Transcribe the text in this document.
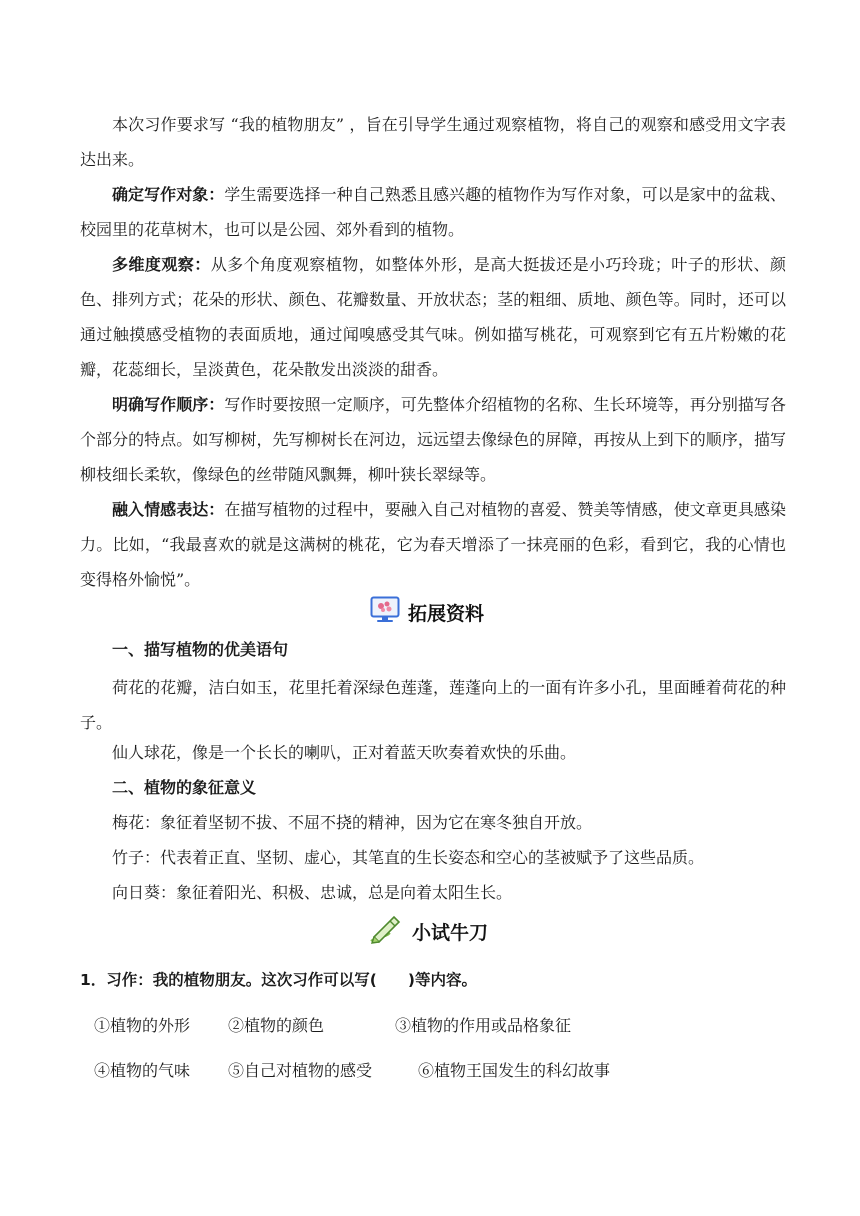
本次习作要求写 “我的植物朋友” ，旨在引导学生通过观察植物，将自己的观察和感受用文字表达出来。

确定写作对象：学生需要选择一种自己熟悉且感兴趣的植物作为写作对象，可以是家中的盆栽、校园里的花草树木，也可以是公园、郊外看到的植物。

多维度观察：从多个角度观察植物，如整体外形，是高大挺拔还是小巧玲珑；叶子的形状、颜色、排列方式；花朵的形状、颜色、花瓣数量、开放状态；茎的粗细、质地、颜色等。同时，还可以通过触摸感受植物的表面质地，通过闻嗅感受其气味。例如描写桃花，可观察到它有五片粉嫩的花瓣，花蕊细长，呈淡黄色，花朵散发出淡淡的甜香。

明确写作顺序：写作时要按照一定顺序，可先整体介绍植物的名称、生长环境等，再分别描写各个部分的特点。如写柳树，先写柳树长在河边，远远望去像绿色的屏障，再按从上到下的顺序，描写柳枝细长柔软，像绿色的丝带随风飘舞，柳叶狭长翠绿等。

融入情感表达：在描写植物的过程中，要融入自己对植物的喜爱、赞美等情感，使文章更具感染力。比如，“我最喜欢的就是这满树的桃花，它为春天增添了一抹亮丽的色彩，看到它，我的心情也变得格外愉悦”。

拓展资料
一、描写植物的优美语句

荷花的花瓣，洁白如玉，花里托着深绿色莲蓬，莲蓬向上的一面有许多小孔，里面睡着荷花的种子。

仙人球花，像是一个长长的喇叭，正对着蓝天吹奏着欢快的乐曲。
二、植物的象征意义
梅花：象征着坚韧不拔、不屈不挠的精神，因为它在寒冬独自开放。
竹子：代表着正直、坚韧、虚心，其笔直的生长姿态和空心的茎被赋予了这些品质。
向日葵：象征着阳光、积极、忠诚，总是向着太阳生长。
小试牛刀
1．习作：我的植物朋友。这次习作可以写(　　)等内容。
①植物的外形 ②植物的颜色	③植物的作用或品格象征
④植物的气味 ⑤自己对植物的感受	⑥植物王国发生的科幻故事
